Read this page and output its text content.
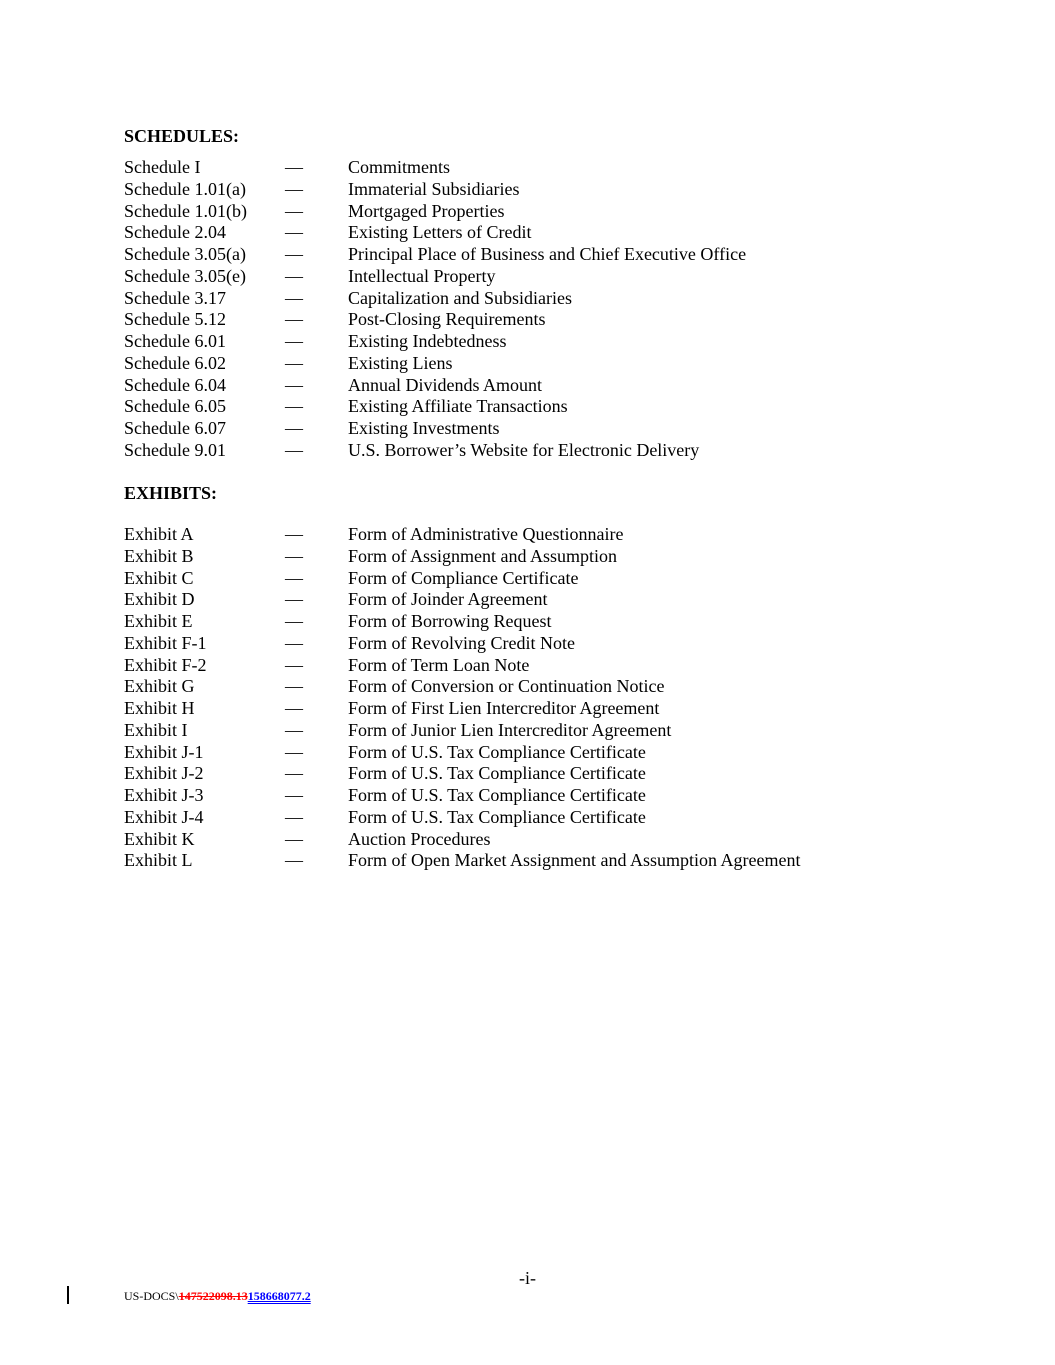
SCHEDULES:
Schedule I	—	Commitments
Schedule 1.01(a) —	Immaterial Subsidiaries
Schedule 1.01(b) —	Mortgaged Properties
Schedule 2.04	—	Existing Letters of Credit
Schedule 3.05(a) —	Principal Place of Business and Chief Executive Office
Schedule 3.05(e) —	Intellectual Property
Schedule 3.17	—	Capitalization and Subsidiaries
Schedule 5.12	—	Post-Closing Requirements
Schedule 6.01	—	Existing Indebtedness
Schedule 6.02	—	Existing Liens
Schedule 6.04	—	Annual Dividends Amount
Schedule 6.05	—	Existing Affiliate Transactions
Schedule 6.07	—	Existing Investments
Schedule 9.01	—	U.S. Borrower’s Website for Electronic Delivery
EXHIBITS:
Exhibit A	—	Form of Administrative Questionnaire
Exhibit B	—	Form of Assignment and Assumption
Exhibit C	—	Form of Compliance Certificate
Exhibit D	—	Form of Joinder Agreement
Exhibit E	—	Form of Borrowing Request
Exhibit F-1	—	Form of Revolving Credit Note
Exhibit F-2	—	Form of Term Loan Note
Exhibit G	—	Form of Conversion or Continuation Notice
Exhibit H	—	Form of First Lien Intercreditor Agreement
Exhibit I	—	Form of Junior Lien Intercreditor Agreement
Exhibit J-1	—	Form of U.S. Tax Compliance Certificate
Exhibit J-2	—	Form of U.S. Tax Compliance Certificate
Exhibit J-3	—	Form of U.S. Tax Compliance Certificate
Exhibit J-4	—	Form of U.S. Tax Compliance Certificate
Exhibit K	—	Auction Procedures
Exhibit L	—	Form of Open Market Assignment and Assumption Agreement
-i-
US-DOCS\147522098.13158668077.2
